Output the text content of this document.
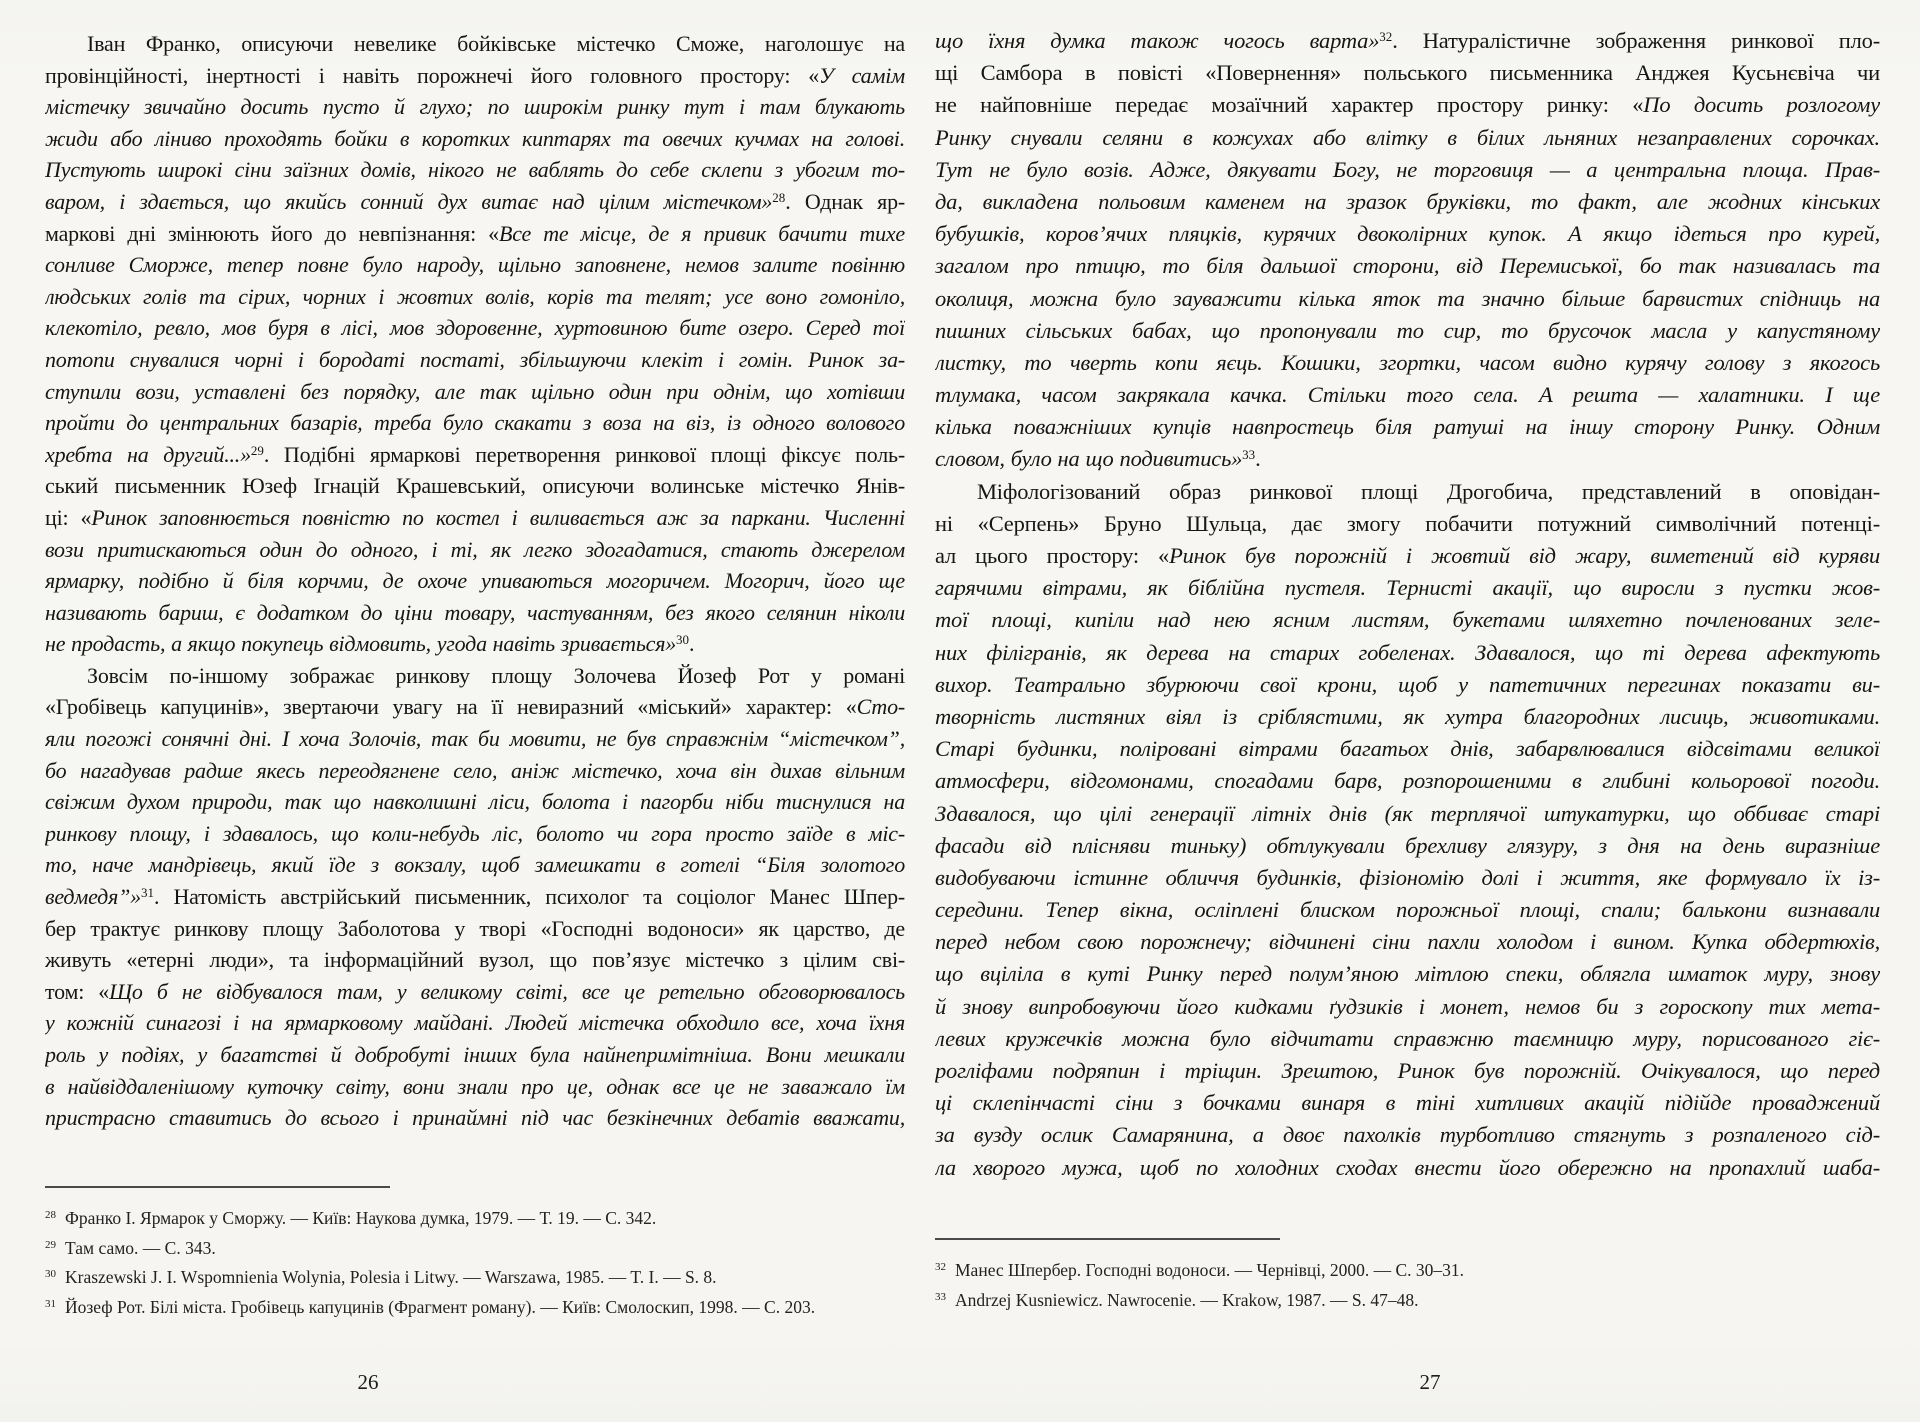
Іван Франко, описуючи невелике бойківське містечко Сможе, наголошує на
провінційності, інертності і навіть порожнечі його головного простору: «У самім
містечку звичайно досить пусто й глухо; по широкім ринку тут і там блукають
жиди або ліниво проходять бойки в коротких киптарях та овечих кучмах на голові.
Пустують широкі сіни заїзних домів, нікого не ваблять до себе склепи з убогим то-
варом, і здається, що якийсь сонний дух витає над цілим містечком»$^{28}$. Однак яр-
маркові дні змінюють його до невпізнання: «Все те місце, де я привик бачити тихе
сонливе Сморже, тепер повне було народу, щільно заповнене, немов залите повінню
людських голів та сірих, чорних і жовтих волів, корів та телят; усе воно гомоніло,
клекотіло, ревло, мов буря в лісі, мов здоровенне, хуртовиною бите озеро. Серед тої
потопи снувалися чорні і бородаті постаті, збільшуючи клекіт і гомін. Ринок за-
ступили вози, уставлені без порядку, але так щільно один при однім, що хотівши
пройти до центральних базарів, треба було скакати з воза на віз, із одного волового
хребта на другий...»$^{29}$. Подібні ярмаркові перетворення ринкової площі фіксує поль-
ський письменник Юзеф Ігнацій Крашевський, описуючи волинське містечко Янів-
ці: «Ринок заповнюється повністю по костел і виливається аж за паркани. Численні
вози притискаються один до одного, і ті, як легко здогадатися, стають джерелом
ярмарку, подібно й біля корчми, де охоче упиваються могоричем. Могорич, його ще
називають бариш, є додатком до ціни товару, частуванням, без якого селянин ніколи
не продасть, а якщо покупець відмовить, угода навіть зривається»$^{30}$.
Зовсім по-іншому зображає ринкову площу Золочева Йозеф Рот у романі
«Гробівець капуцинів», звертаючи увагу на її невиразний «міський» характер: «Сто-
яли погожі сонячні дні. І хоча Золочів, так би мовити, не був справжнім “містечком”,
бо нагадував радше якесь переодягнене село, аніж містечко, хоча він дихав вільним
свіжим духом природи, так що навколишні ліси, болота і пагорби ніби тиснулися на
ринкову площу, і здавалось, що коли-небудь ліс, болото чи гора просто заїде в міс-
то, наче мандрівець, який їде з вокзалу, щоб замешкати в готелі “Біля золотого
ведмедя”»$^{31}$. Натомість австрійський письменник, психолог та соціолог Манес Шпер-
бер трактує ринкову площу Заболотова у творі «Господні водоноси» як царство, де
живуть «етерні люди», та інформаційний вузол, що пов’язує містечко з цілим сві-
том: «Що б не відбувалося там, у великому світі, все це ретельно обговорювалось
у кожній синагозі і на ярмарковому майдані. Людей містечка обходило все, хоча їхня
роль у подіях, у багатстві й добробуті інших була найнепримітніша. Вони мешкали
в найвіддаленішому куточку світу, вони знали про це, однак все це не заважало їм
пристрасно ставитись до всього і принаймні під час безкінечних дебатів вважати,
$^{28}$ Франко І. Ярмарок у Сморжу. — Київ: Наукова думка, 1979. — Т. 19. — С. 342.
$^{29}$ Там само. — С. 343.
$^{30}$ Kraszewski J. I. Wspomnienia Wolynia, Polesia i Litwy. — Warszawa, 1985. — T. I. — S. 8.
$^{31}$ Йозеф Рот. Білі міста. Гробівець капуцинів (Фрагмент роману). — Київ: Смолоскип, 1998. — С. 203.
26
що їхня думка також чогось варта»$^{32}$. Натуралістичне зображення ринкової пло-
щі Самбора в повісті «Повернення» польського письменника Анджея Кусьнєвіча чи
не найповніше передає мозаїчний характер простору ринку: «По досить розлогому
Ринку снували селяни в кожухах або влітку в білих льняних незаправлених сорочках.
Тут не було возів. Адже, дякувати Богу, не торговиця — а центральна площа. Прав-
да, викладена польовим каменем на зразок бруківки, то факт, але жодних кінських
бубушків, коров’ячих пляцків, курячих двоколірних купок. А якщо ідеться про курей,
загалом про птицю, то біля дальшої сторони, від Перемиської, бо так називалась та
околиця, можна було зауважити кілька яток та значно більше барвистих спідниць на
пишних сільських бабах, що пропонували то сир, то брусочок масла у капустяному
листку, то чверть копи яєць. Кошики, згортки, часом видно курячу голову з якогось
тлумака, часом закрякала качка. Стільки того села. А решта — халатники. І ще
кілька поважніших купців навпростець біля ратуші на іншу сторону Ринку. Одним
словом, було на що подивитись»$^{33}$.
Міфологізований образ ринкової площі Дрогобича, представлений в оповідан-
ні «Серпень» Бруно Шульца, дає змогу побачити потужний символічний потенці-
ал цього простору: «Ринок був порожній і жовтий від жару, виметений від куряви
гарячими вітрами, як біблійна пустеля. Тернисті акації, що виросли з пустки жов-
тої площі, кипіли над нею ясним листям, букетами шляхетно почленованих зеле-
них філігранів, як дерева на старих гобеленах. Здавалося, що ті дерева афектують
вихор. Театрально збурюючи свої крони, щоб у патетичних перегинах показати ви-
творність листяних віял із сріблястими, як хутра благородних лисиць, животиками.
Старі будинки, поліровані вітрами багатьох днів, забарвлювалися відсвітами великої
атмосфери, відгомонами, спогадами барв, розпорошеними в глибині кольорової погоди.
Здавалося, що цілі генерації літніх днів (як терплячої штукатурки, що оббиває старі
фасади від плісняви тиньку) обтлукували брехливу глязуру, з дня на день виразніше
видобуваючи істинне обличчя будинків, фізіономію долі і життя, яке формувало їх із-
середини. Тепер вікна, осліплені блиском порожньої площі, спали; балькони визнавали
перед небом свою порожнечу; відчинені сіни пахли холодом і вином. Купка обдертюхів,
що вціліла в куті Ринку перед полум’яною мітлою спеки, облягла шматок муру, знову
й знову випробовуючи його кидками ґудзиків і монет, немов би з гороскопу тих мета-
левих кружечків можна було відчитати справжню таємницю муру, порисованого гіє-
рогліфами подряпин і тріщин. Зрештою, Ринок був порожній. Очікувалося, що перед
ці склепінчасті сіни з бочками винаря в тіні хитливих акацій підійде проваджений
за вузду ослик Самарянина, а двоє пахолків турботливо стягнуть з розпаленого сід-
ла хворого мужа, щоб по холодних сходах внести його обережно на пропахлий шаба-
$^{32}$ Манес Шпербер. Господні водоноси. — Чернівці, 2000. — С. 30–31.
$^{33}$ Andrzej Kusniewicz. Nawrocenie. — Krakow, 1987. — S. 47–48.
27
